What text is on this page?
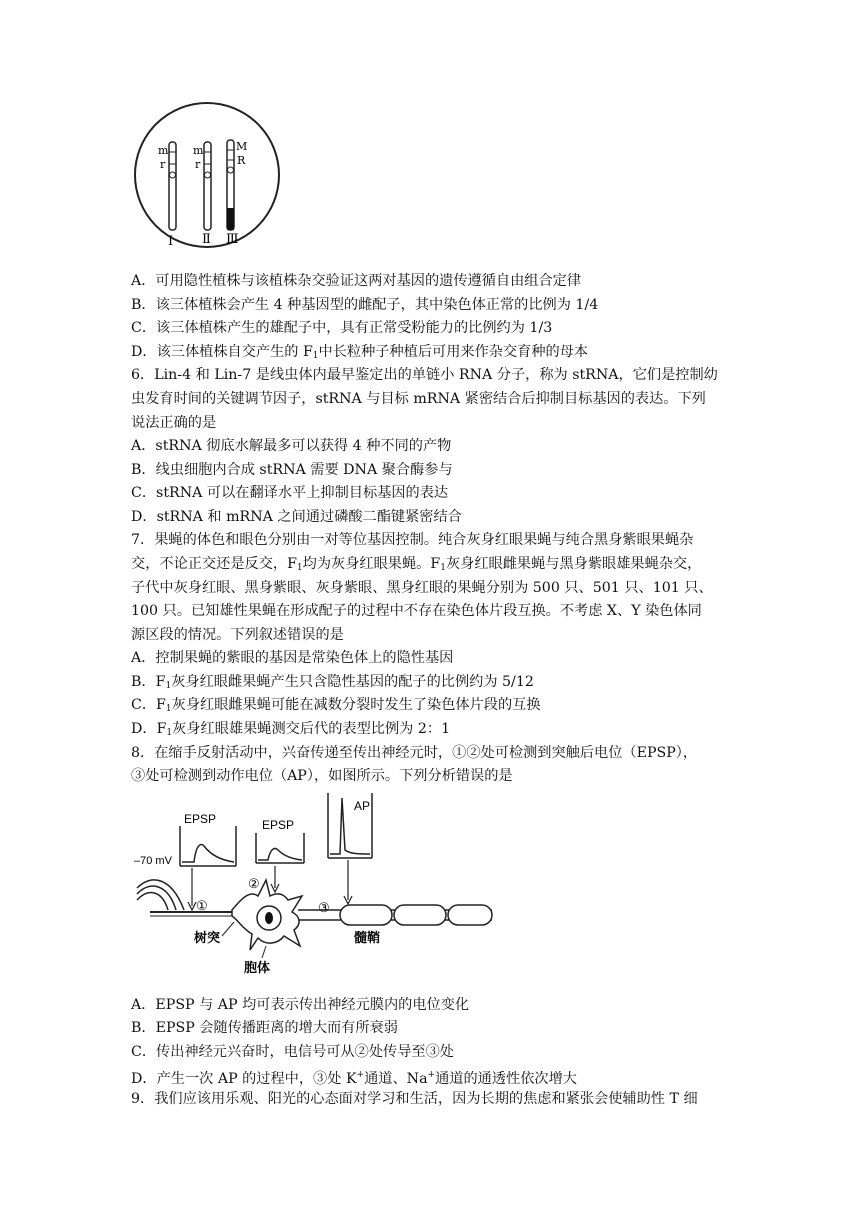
m
r
m
r
M
R
Ⅰ Ⅱ Ⅲ
A．可用隐性植株与该植株杂交验证这两对基因的遗传遵循自由组合定律
B．该三体植株会产生 4 种基因型的雌配子，其中染色体正常的比例为 1/4
C．该三体植株产生的雄配子中，具有正常受粉能力的比例约为 1/3
D．该三体植株自交产生的 $F_1$中长粒种子种植后可用来作杂交育种的母本
6．Lin-4 和 Lin-7 是线虫体内最早鉴定出的单链小 RNA 分子，称为 stRNA，它们是控制幼
虫发育时间的关键调节因子，stRNA 与目标 mRNA 紧密结合后抑制目标基因的表达。下列
说法正确的是
A．stRNA 彻底水解最多可以获得 4 种不同的产物
B．线虫细胞内合成 stRNA 需要 DNA 聚合酶参与
C．stRNA 可以在翻译水平上抑制目标基因的表达
D．stRNA 和 mRNA 之间通过磷酸二酯键紧密结合
7．果蝇的体色和眼色分别由一对等位基因控制。纯合灰身红眼果蝇与纯合黑身紫眼果蝇杂
交，不论正交还是反交，$F_1$均为灰身红眼果蝇。$F_1$灰身红眼雌果蝇与黑身紫眼雄果蝇杂交，
子代中灰身红眼、黑身紫眼、灰身紫眼、黑身红眼的果蝇分别为 500 只、501 只、101 只、
100 只。已知雄性果蝇在形成配子的过程中不存在染色体片段互换。不考虑 X、Y 染色体同
源区段的情况。下列叙述错误的是
A．控制果蝇的紫眼的基因是常染色体上的隐性基因
B．$F_1$灰身红眼雌果蝇产生只含隐性基因的配子的比例约为 5/12
C．$F_1$灰身红眼雌果蝇可能在减数分裂时发生了染色体片段的互换
D．$F_1$灰身红眼雄果蝇测交后代的表型比例为 2：1
8．在缩手反射活动中，兴奋传递至传出神经元时，①②处可检测到突触后电位（EPSP），
③处可检测到动作电位（AP），如图所示。下列分析错误的是
EPSP	EPSP
AP
–70 mV
①
②
③
树突
胞体
髓鞘
A．EPSP 与 AP 均可表示传出神经元膜内的电位变化
B．EPSP 会随传播距离的增大而有所衰弱
C．传出神经元兴奋时，电信号可从②处传导至③处
D．产生一次 AP 的过程中，③处 K+通道、Na+通道的通透性依次增大
9．我们应该用乐观、阳光的心态面对学习和生活，因为长期的焦虑和紧张会使辅助性 T 细
